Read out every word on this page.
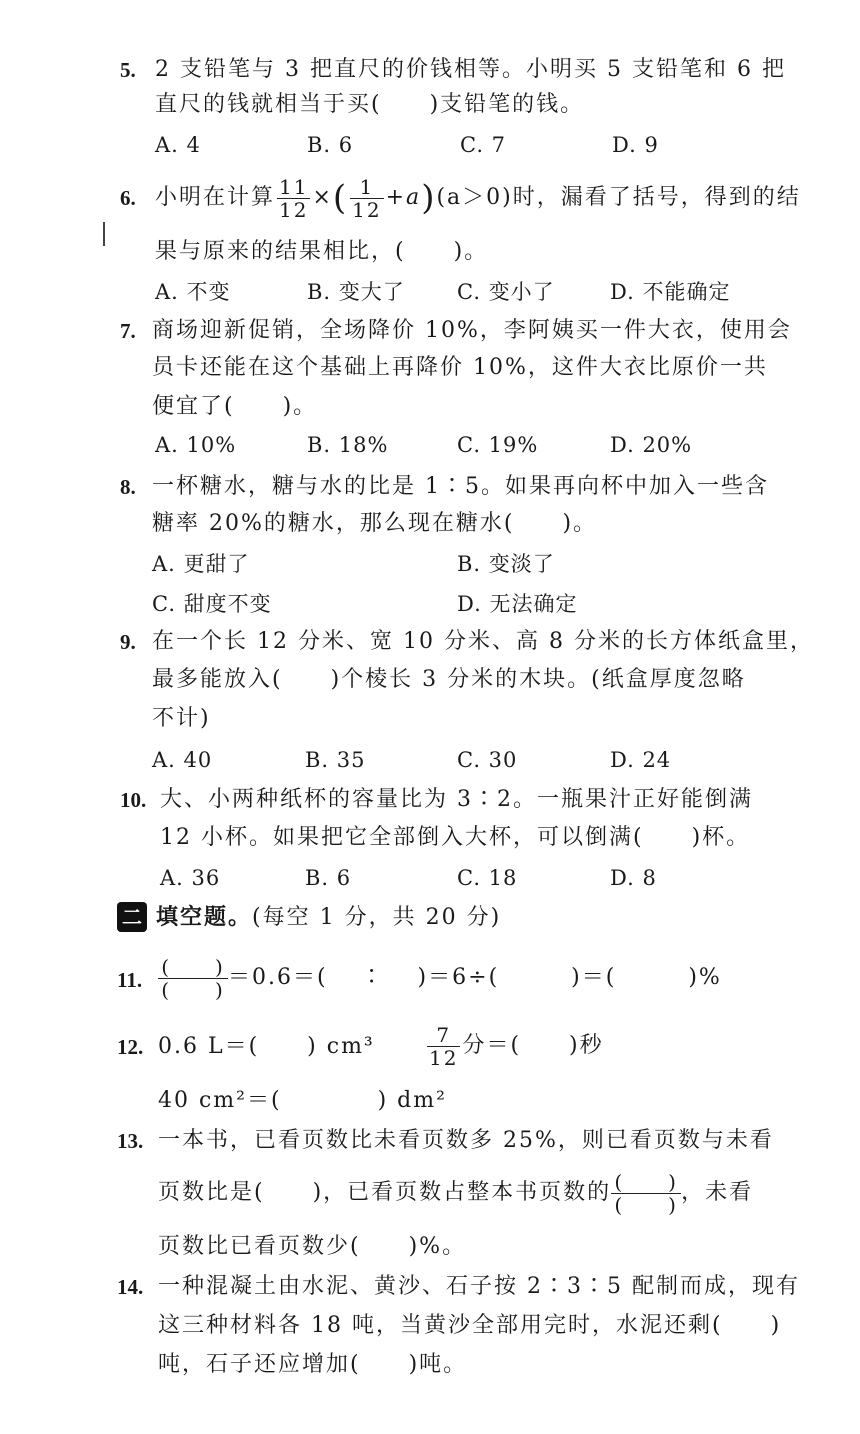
5. 2 支铅笔与 3 把直尺的价钱相等。小明买 5 支铅笔和 6 把
直尺的钱就相当于买(　　)支铅笔的钱。
A. 4	B. 6	C. 7	D. 9
6. 小明在计算 $\frac{11}{12}$ ×( $\frac{1}{12} +a)(a>0)$时，漏看了括号，得到的结
果与原来的结果相比，(　　)。
A. 不变	B. 变大了 C. 变小了	D. 不能确定
7. 商场迎新促销，全场降价 10%，李阿姨买一件大衣，使用会
员卡还能在这个基础上再降价 10%，这件大衣比原价一共
便宜了(　　)。
A. 10%	B. 18%	C. 19%	D. 20%
8. 一杯糖水，糖与水的比是 1∶5。如果再向杯中加入一些含
糖率 20%的糖水，那么现在糖水(　　)。
A. 更甜了	B. 变淡了
C. 甜度不变	D. 无法确定
9. 在一个长 12 分米、宽 10 分米、高 8 分米的长方体纸盒里，
最多能放入(　　)个棱长 3 分米的木块。(纸盒厚度忽略
不计)
A. 40	B. 35	C. 30	D. 24
10. 大、小两种纸杯的容量比为 3∶2。一瓶果汁正好能倒满
12 小杯。如果把它全部倒入大杯，可以倒满(　　)杯。
A. 36	B. 6	C. 18	D. 8
二 填空题。(每空 1 分，共 20 分)
11. $\frac{( )}{( )} =0.6=$(　 ∶　 )＝6÷(　　　)＝(　　　)%
12. 0.6 L＝(　　) cm³	$\frac{7}{12}$ 分＝(　　)秒
40 cm²＝(　　　　) dm²
13. 一本书，已看页数比未看页数多 25%，则已看页数与未看
页数比是(　　)，已看页数占整本书页数的 $\frac{( )}{( )}$ ，未看
页数比已看页数少(　　)%。
14. 一种混凝土由水泥、黄沙、石子按 2∶3∶5 配制而成，现有
这三种材料各 18 吨，当黄沙全部用完时，水泥还剩(　　)
吨，石子还应增加(　　)吨。
